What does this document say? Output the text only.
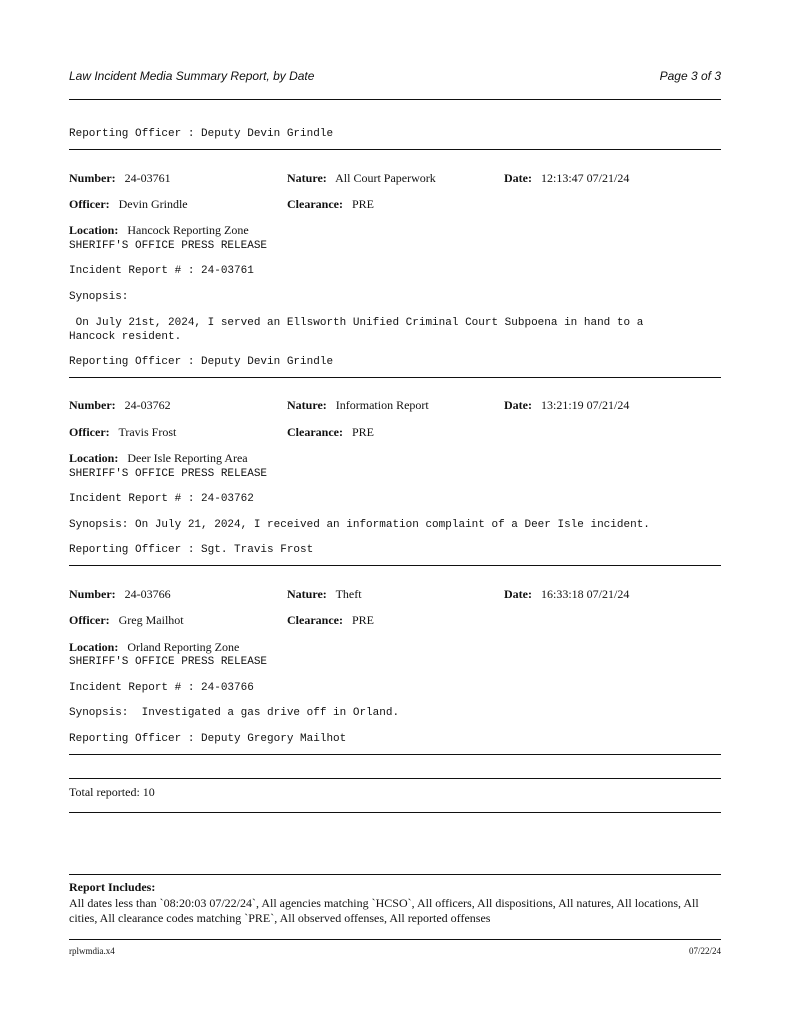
Law Incident Media Summary Report, by Date	Page 3 of 3
Reporting Officer : Deputy Devin Grindle
Number: 24-03761	Nature: All Court Paperwork	Date: 12:13:47 07/21/24
Officer: Devin Grindle	Clearance: PRE
Location: Hancock Reporting Zone
SHERIFF'S OFFICE PRESS RELEASE
Incident Report # : 24-03761
Synopsis:
On July 21st, 2024, I served an Ellsworth Unified Criminal Court Subpoena in hand to a
Hancock resident.
Reporting Officer : Deputy Devin Grindle
Number: 24-03762	Nature: Information Report	Date: 13:21:19 07/21/24
Officer: Travis Frost	Clearance: PRE
Location: Deer Isle Reporting Area
SHERIFF'S OFFICE PRESS RELEASE
Incident Report # : 24-03762
Synopsis: On July 21, 2024, I received an information complaint of a Deer Isle incident.
Reporting Officer : Sgt. Travis Frost
Number: 24-03766	Nature: Theft	Date: 16:33:18 07/21/24
Officer: Greg Mailhot	Clearance: PRE
Location: Orland Reporting Zone
SHERIFF'S OFFICE PRESS RELEASE
Incident Report # : 24-03766
Synopsis:  Investigated a gas drive off in Orland.
Reporting Officer : Deputy Gregory Mailhot
Total reported: 10
Report Includes:
All dates less than `08:20:03 07/22/24`, All agencies matching `HCSO`, All officers, All dispositions, All natures, All locations, All cities, All clearance codes matching `PRE`, All observed offenses, All reported offenses
rplwmdia.x4	07/22/24
